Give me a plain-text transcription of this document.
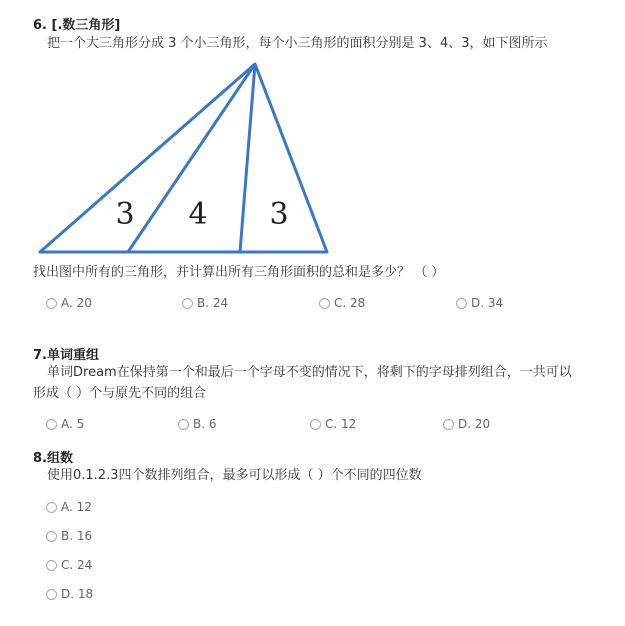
6. [.数三角形]
把一个大三角形分成 3 个小三角形，每个小三角形的面积分别是 3、4、3，如下图所示
3 4 3
找出图中所有的三角形，并计算出所有三角形面积的总和是多少？ （ ）
A. 20	B. 24	C. 28	D. 34
7.单词重组
单词Dream在保持第一个和最后一个字母不变的情况下，将剩下的字母排列组合，一共可以
形成（ ）个与原先不同的组合
A. 5	B. 6	C. 12	D. 20
8.组数
使用0.1.2.3四个数排列组合，最多可以形成（ ）个不同的四位数
A. 12
B. 16
C. 24
D. 18
